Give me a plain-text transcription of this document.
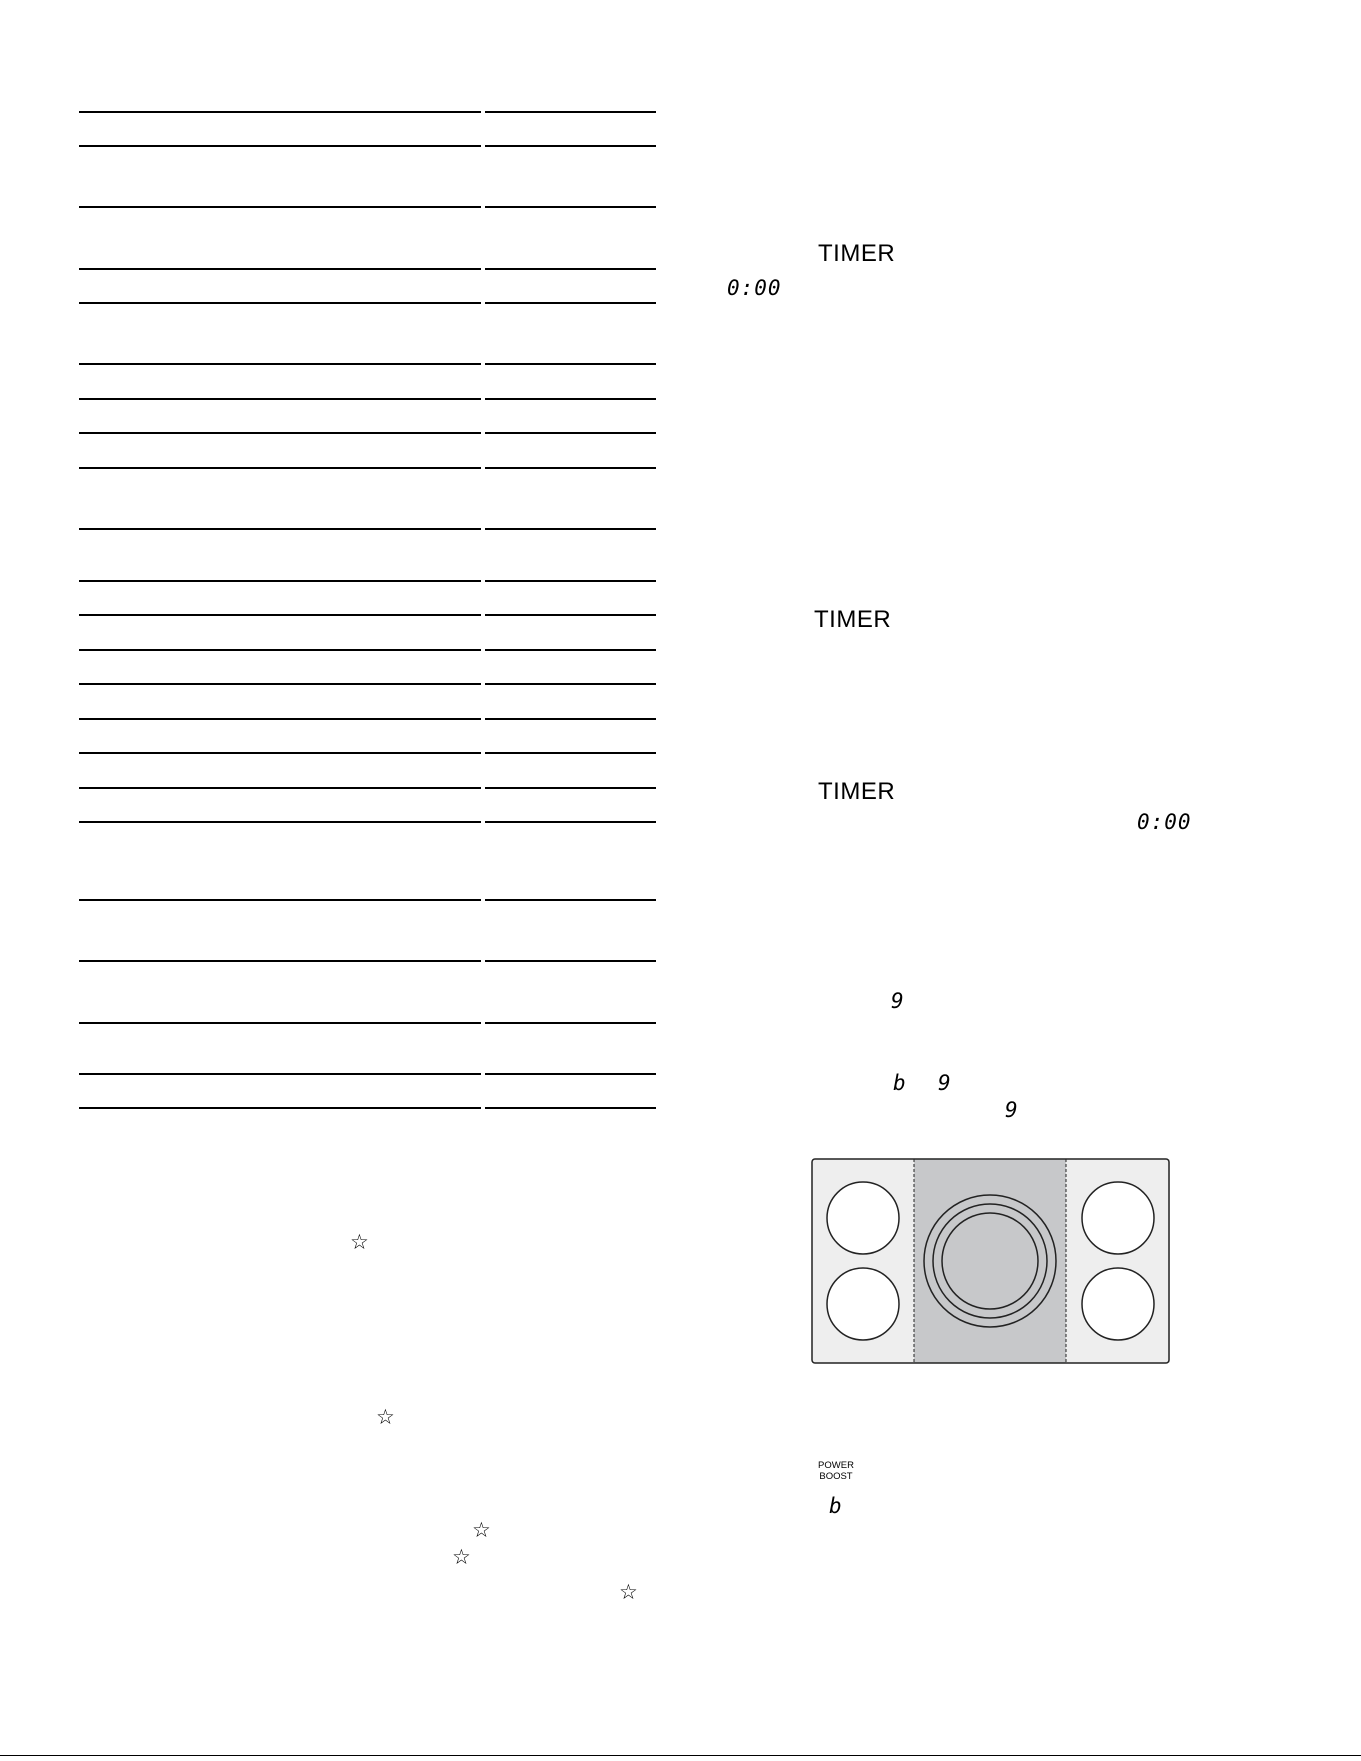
☆
☆
☆
☆
☆
TIMER
0:00
TIMER
TIMER
0:00
9
b 9
9
POWER
BOOST
b
